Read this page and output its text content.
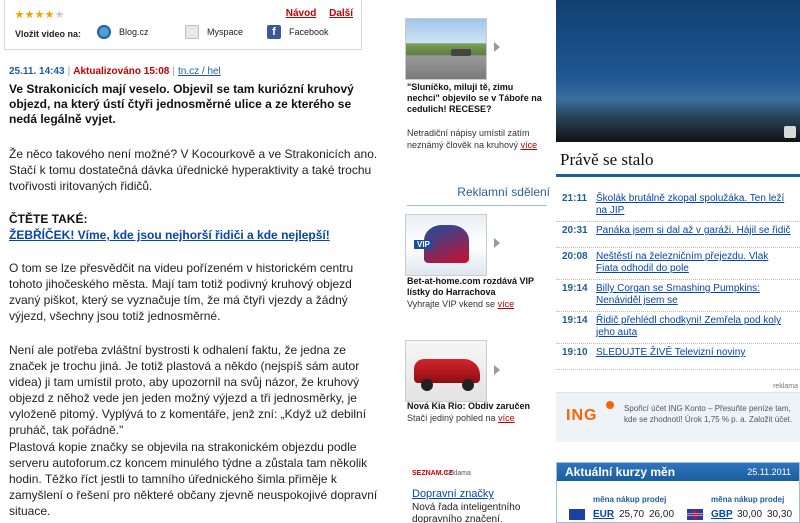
Návod Další
Vložit video na:	Blog.cz	Myspace	f	Facebook
25.11. 14:43 | Aktualizováno 15:08 | tn.cz / hel
Ve Strakonicích mají veselo. Objevil se tam kuriózní kruhový objezd, na který ústí čtyři jednosměrné ulice a ze kterého se nedá legálně vyjet.
Že něco takového není možné? V Kocourkově a ve Strakonicích ano. Stačí k tomu dostatečná dávka úřednické hyperaktivity a také trochu tvořivosti iritovaných řidičů.
ČTĚTE TAKÉ:
ŽEBŘÍČEK! Víme, kde jsou nejhorší řidiči a kde nejlepší!
O tom se lze přesvědčit na videu pořízeném v historickém centru tohoto jihočeského města. Mají tam totiž podivný kruhový objezd zvaný piškot, který se vyznačuje tím, že má čtyři vjezdy a žádný výjezd, všechny jsou totiž jednosměrné.
Není ale potřeba zvláštní bystrosti k odhalení faktu, že jedna ze značek je trochu jiná. Je totiž plastová a někdo (nejspíš sám autor videa) ji tam umístil proto, aby upozornil na svůj názor, že kruhový objezd z něhož vede jen jeden možný výjezd a tři jednosměrky, je vyloženě pitomý. Vyplývá to z komentáře, jenž zní: „Když už debilní pruháč, tak pořádně."
Plastová kopie značky se objevila na strakonickém objezdu podle serveru autoforum.cz koncem minulého týdne a zůstala tam několik hodin. Těžko říct jestli to tamního úřednického šimla přiměje k zamyšlení o řešení pro některé občany zjevně neuspokojivé dopravní situace.
"Sluníčko, miluji tě, zimu nechci" objevilo se v Táboře na cedulich! RECESE?
Netradiční nápisy umístil zatím neznámý člověk na kruhový více
Reklamní sdělení
VIP
Bet-at-home.com rozdává VIP lístky do Harrachova
Vyhrajte VIP vkend se více
Nová Kia Rio: Obdiv zaručen
Stačí jediný pohled na více
SEZNAM.CZ
reklama
Dopravní značky
Nová řada inteligentního dopravního značení.
Právě se stalo
21:11 Školák brutálně zkopal spolužáka. Ten leží na JIP
20:31 Panáka jsem si dal až v garáži. Hájil se řidič
20:08 Neštěstí na železničním přejezdu. Vlak Fiata odhodil do pole
19:14 Billy Corgan se Smashing Pumpkins: Nenáviděl jsem se
19:14 Řidič přehlédl chodkyni! Zemřela pod koly jeho auta
19:10 SLEDUJTE ŽIVĚ Televizní noviny
reklama
ING	Spořicí účet ING Konto – Přesuňte peníze tam, kde se zhodnotí! Úrok 1,75 % p. a. Založit účet.
Aktuální kurzy měn	25.11.2011
měna nákup prodej	měna nákup prodej
EUR 25,70 26,00	GBP 30,00 30,30
